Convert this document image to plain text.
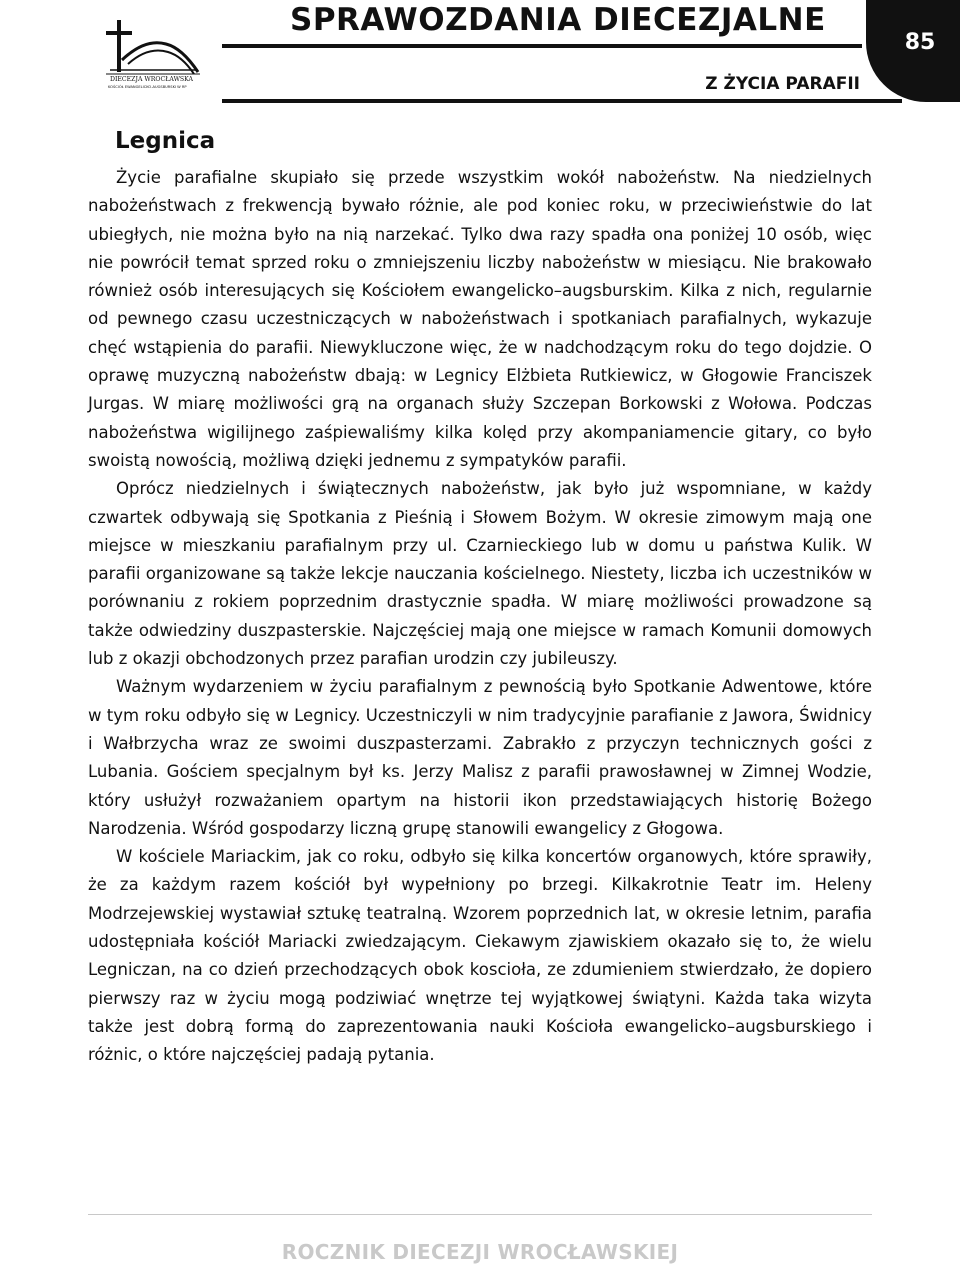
DIECEZJA WROCŁAWSKA
KOŚCIÓŁ EWANGELICKO-AUGSBURSKI W RP
SPRAWOZDANIA DIECEZJALNE
Z ŻYCIA PARAFII
85
Legnica

Życie parafialne skupiało się przede wszystkim wokół nabożeństw. Na niedzielnych nabożeństwach z frekwencją bywało różnie, ale pod koniec roku, w przeciwieństwie do lat ubiegłych, nie można było na nią narzekać. Tylko dwa razy spadła ona poniżej 10 osób, więc nie powrócił temat sprzed roku o zmniejszeniu liczby nabożeństw w miesiącu. Nie brakowało również osób interesujących się Kościołem ewangelicko–augsburskim. Kilka z nich, regularnie od pewnego czasu uczestniczących w nabożeństwach i spotkaniach parafialnych, wykazuje chęć wstąpienia do parafii. Niewykluczone więc, że w nadchodzącym roku do tego dojdzie. O oprawę muzyczną nabożeństw dbają: w Legnicy Elżbieta Rutkiewicz, w Głogowie Franciszek Jurgas. W miarę możliwości grą na organach służy Szczepan Borkowski z Wołowa. Podczas nabożeństwa wigilijnego zaśpiewaliśmy kilka kolęd przy akompaniamencie gitary, co było swoistą nowością, możliwą dzięki jednemu z sympatyków parafii.

Oprócz niedzielnych i świątecznych nabożeństw, jak było już wspomniane, w każdy czwartek odbywają się Spotkania z Pieśnią i Słowem Bożym. W okresie zimowym mają one miejsce w mieszkaniu parafialnym przy ul. Czarnieckiego lub w domu u państwa Kulik. W parafii organizowane są także lekcje nauczania kościelnego. Niestety, liczba ich uczestników w porównaniu z rokiem poprzednim drastycznie spadła. W miarę możliwości prowadzone są także odwiedziny duszpasterskie. Najczęściej mają one miejsce w ramach Komunii domowych lub z okazji obchodzonych przez parafian urodzin czy jubileuszy.

Ważnym wydarzeniem w życiu parafialnym z pewnością było Spotkanie Adwentowe, które w tym roku odbyło się w Legnicy. Uczestniczyli w nim tradycyjnie parafianie z Jawora, Świdnicy i Wałbrzycha wraz ze swoimi duszpasterzami. Zabrakło z przyczyn technicznych gości z Lubania. Gościem specjalnym był ks. Jerzy Malisz z parafii prawosławnej w Zimnej Wodzie, który usłużył rozważaniem opartym na historii ikon przedstawiających historię Bożego Narodzenia. Wśród gospodarzy liczną grupę stanowili ewangelicy z Głogowa.

W kościele Mariackim, jak co roku, odbyło się kilka koncertów organowych, które sprawiły, że za każdym razem kościół był wypełniony po brzegi. Kilkakrotnie Teatr im. Heleny Modrzejewskiej wystawiał sztukę teatralną. Wzorem poprzednich lat, w okresie letnim, parafia udostępniała kościół Mariacki zwiedzającym. Ciekawym zjawiskiem okazało się to, że wielu Legniczan, na co dzień przechodzących obok koscioła, ze zdumieniem stwierdzało, że dopiero pierwszy raz w życiu mogą podziwiać wnętrze tej wyjątkowej świątyni. Każda taka wizyta także jest dobrą formą do zaprezentowania nauki Kościoła ewangelicko–augsburskiego i różnic, o które najczęściej padają pytania.

ROCZNIK DIECEZJI WROCŁAWSKIEJ
